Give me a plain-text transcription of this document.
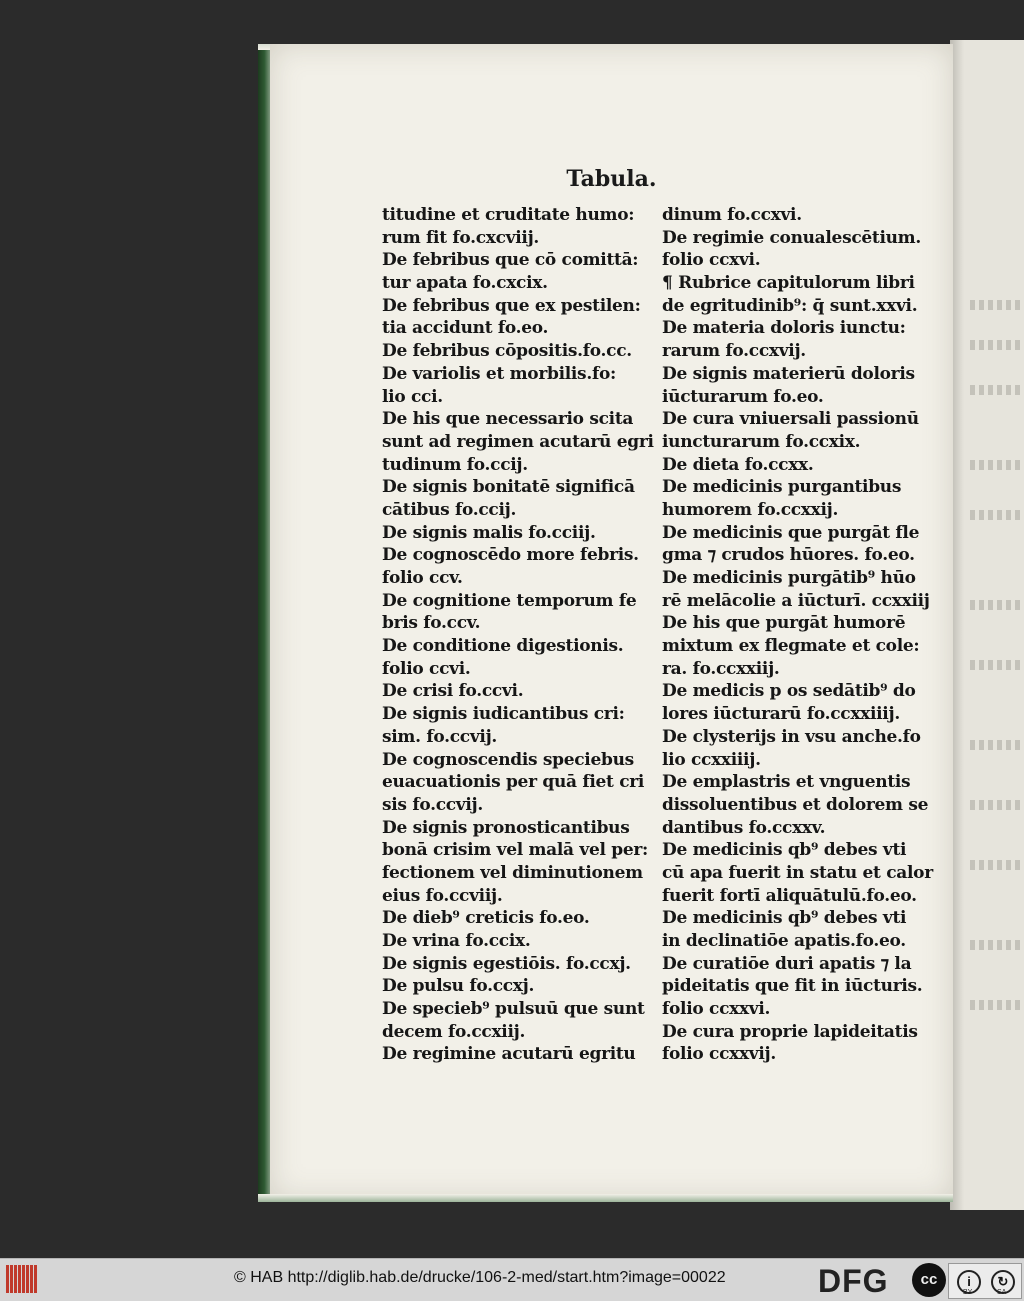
Tabula.
titudine et cruditate humo:
rum fit fo.cxcviij.
De febribus que cō comittā:
tur apata fo.cxcix.
De febribus que ex pestilen:
tia accidunt fo.eo.
De febribus cōpositis.fo.cc.
De variolis et morbilis.fo:
lio cci.
De his que necessario scita
sunt ad regimen acutarū egri
tudinum fo.ccij.
De signis bonitatē significā
cātibus fo.ccij.
De signis malis fo.cciij.
De cognoscēdo more febris.
folio ccv.
De cognitione temporum fe
bris fo.ccv.
De conditione digestionis.
folio ccvi.
De crisi fo.ccvi.
De signis iudicantibus cri:
sim. fo.ccvij.
De cognoscendis speciebus
euacuationis per quā fiet cri
sis fo.ccvij.
De signis pronosticantibus
bonā crisim vel malā vel per:
fectionem vel diminutionem
eius fo.ccviij.
De dieb⁹ creticis fo.eo.
De vrina fo.ccix.
De signis egestiōis. fo.ccxj.
De pulsu fo.ccxj.
De specieb⁹ pulsuū que sunt
decem fo.ccxiij.
De regimine acutarū egritu
dinum fo.ccxvi.
De regimie conualescētium.
folio ccxvi.
¶ Rubrice capitulorum libri
de egritudinib⁹: q̄ sunt.xxvi.
De materia doloris iunctu:
rarum fo.ccxvij.
De signis materierū doloris
iūcturarum fo.eo.
De cura vniuersali passionū
iuncturarum fo.ccxix.
De dieta fo.ccxx.
De medicinis purgantibus
humorem fo.ccxxij.
De medicinis que purgāt fle
gma ⁊ crudos hūores. fo.eo.
De medicinis purgātib⁹ hūo
rē melācolie a iūcturī. ccxxiij
De his que purgāt humorē
mixtum ex flegmate et cole:
ra. fo.ccxxiij.
De medicis p os sedātib⁹ do
lores iūcturarū fo.ccxxiiij.
De clysterijs in vsu anche.fo
lio ccxxiiij.
De emplastris et vnguentis
dissoluentibus et dolorem se
dantibus fo.ccxxv.
De medicinis qb⁹ debes vti
cū apa fuerit in statu et calor
fuerit fortī aliquātulū.fo.eo.
De medicinis qb⁹ debes vti
in declinatiōe apatis.fo.eo.
De curatiōe duri apatis ⁊ la
pideitatis que fit in iūcturis.
folio ccxxvi.
De cura proprie lapideitatis
folio ccxxvij.
© HAB http://diglib.hab.de/drucke/106-2-med/start.htm?image=00022	DFG	cc	i	↻
BY	SA
